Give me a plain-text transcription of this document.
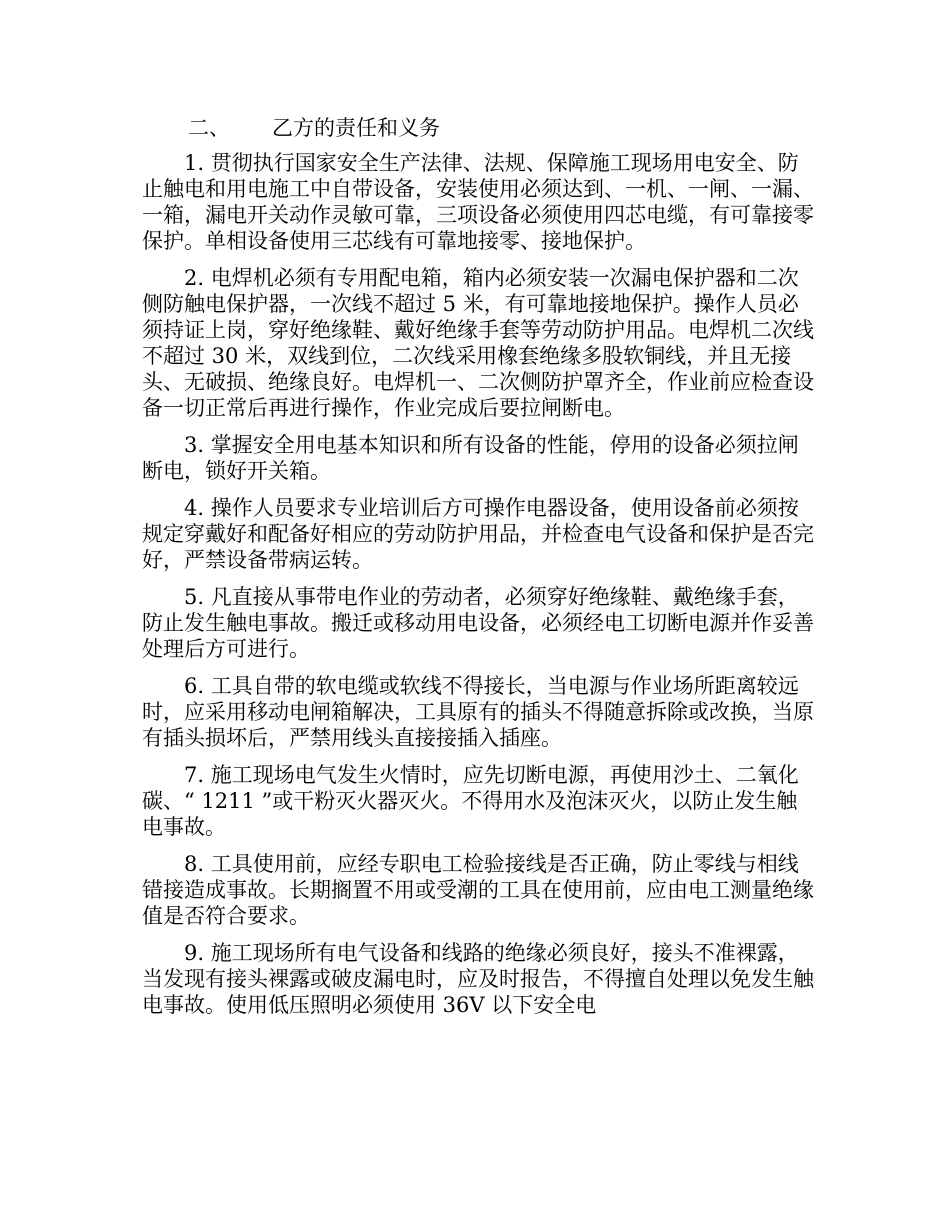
二、 乙方的责任和义务

1. 贯彻执行国家安全生产法律、法规、保障施工现场用电安全、防止触电和用电施工中自带设备，安装使用必须达到、一机、一闸、一漏、一箱，漏电开关动作灵敏可靠，三项设备必须使用四芯电缆，有可靠接零保护。单相设备使用三芯线有可靠地接零、接地保护。

2. 电焊机必须有专用配电箱，箱内必须安装一次漏电保护器和二次侧防触电保护器，一次线不超过 5 米，有可靠地接地保护。操作人员必须持证上岗，穿好绝缘鞋、戴好绝缘手套等劳动防护用品。电焊机二次线不超过 30 米，双线到位，二次线采用橡套绝缘多股软铜线，并且无接头、无破损、绝缘良好。电焊机一、二次侧防护罩齐全，作业前应检查设备一切正常后再进行操作，作业完成后要拉闸断电。

3. 掌握安全用电基本知识和所有设备的性能，停用的设备必须拉闸断电，锁好开关箱。

4. 操作人员要求专业培训后方可操作电器设备，使用设备前必须按规定穿戴好和配备好相应的劳动防护用品，并检查电气设备和保护是否完好，严禁设备带病运转。

5. 凡直接从事带电作业的劳动者，必须穿好绝缘鞋、戴绝缘手套，防止发生触电事故。搬迁或移动用电设备，必须经电工切断电源并作妥善处理后方可进行。

6. 工具自带的软电缆或软线不得接长，当电源与作业场所距离较远时，应采用移动电闸箱解决，工具原有的插头不得随意拆除或改换，当原有插头损坏后，严禁用线头直接接插入插座。

7. 施工现场电气发生火情时，应先切断电源，再使用沙土、二氧化碳、“ 1211 ”或干粉灭火器灭火。不得用水及泡沫灭火，以防止发生触电事故。

8. 工具使用前，应经专职电工检验接线是否正确，防止零线与相线错接造成事故。长期搁置不用或受潮的工具在使用前，应由电工测量绝缘值是否符合要求。

9. 施工现场所有电气设备和线路的绝缘必须良好，接头不准裸露，当发现有接头裸露或破皮漏电时，应及时报告，不得擅自处理以免发生触电事故。使用低压照明必须使用 36V 以下安全电
